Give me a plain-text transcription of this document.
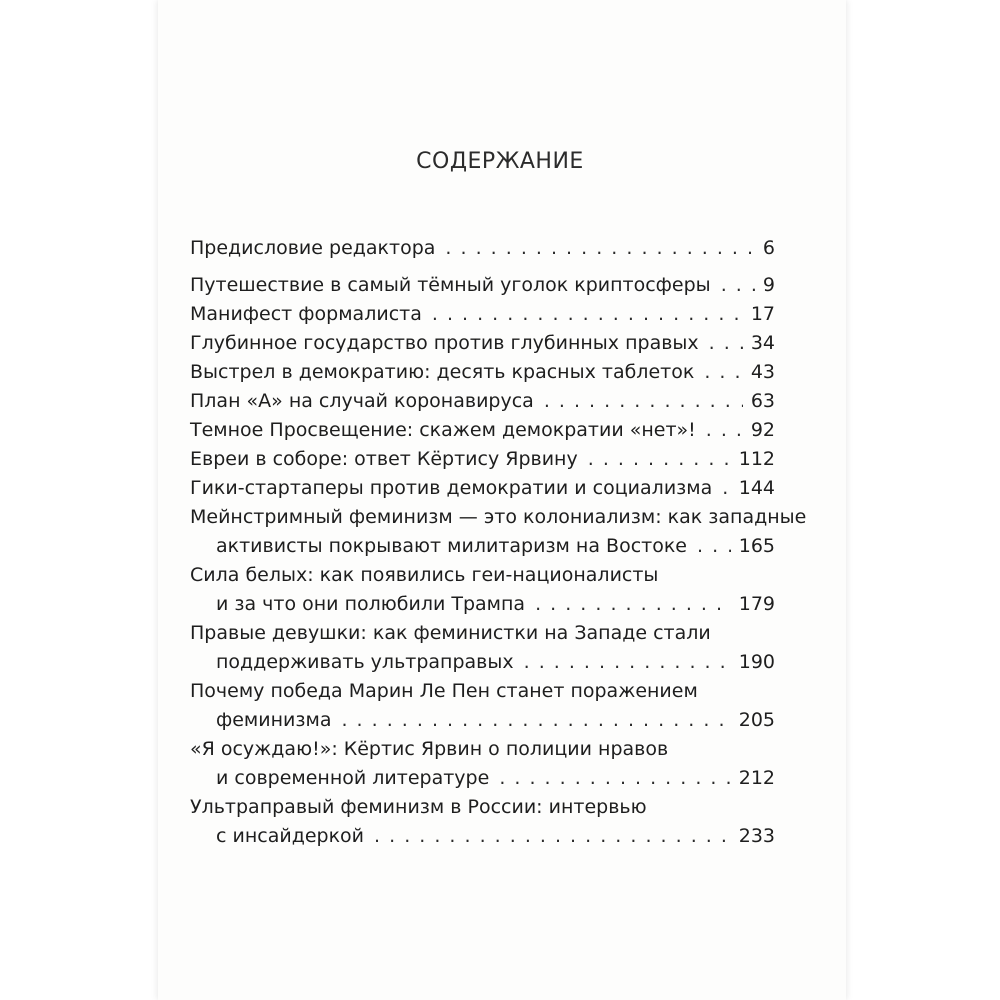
СОДЕРЖАНИЕ
Предисловие редактора . . .	6
Путешествие в самый тёмный уголок криптосферы . . .	9
Манифест формалиста . . .	17
Глубинное государство против глубинных правых . . .	34
Выстрел в демократию: десять красных таблеток . . .	43
План «А» на случай коронавируса . . .	63
Темное Просвещение: скажем демократии «нет»! . . .	92
Евреи в соборе: ответ Кёртису Ярвину . . .	112
Гики-стартаперы против демократии и социализма . . . 144
Мейнстримный феминизм — это колониализм: как западные
активисты покрывают милитаризм на Востоке . . .	165
Сила белых: как появились геи-националисты
и за что они полюбили Трампа . . .	179
Правые девушки: как феминистки на Западе стали
поддерживать ультраправых . . .	190
Почему победа Марин Ле Пен станет поражением
феминизма . . .	205
«Я осуждаю!»: Кёртис Ярвин о полиции нравов
и современной литературе . . .	212
Ультраправый феминизм в России: интервью
с инсайдеркой . . .	233
